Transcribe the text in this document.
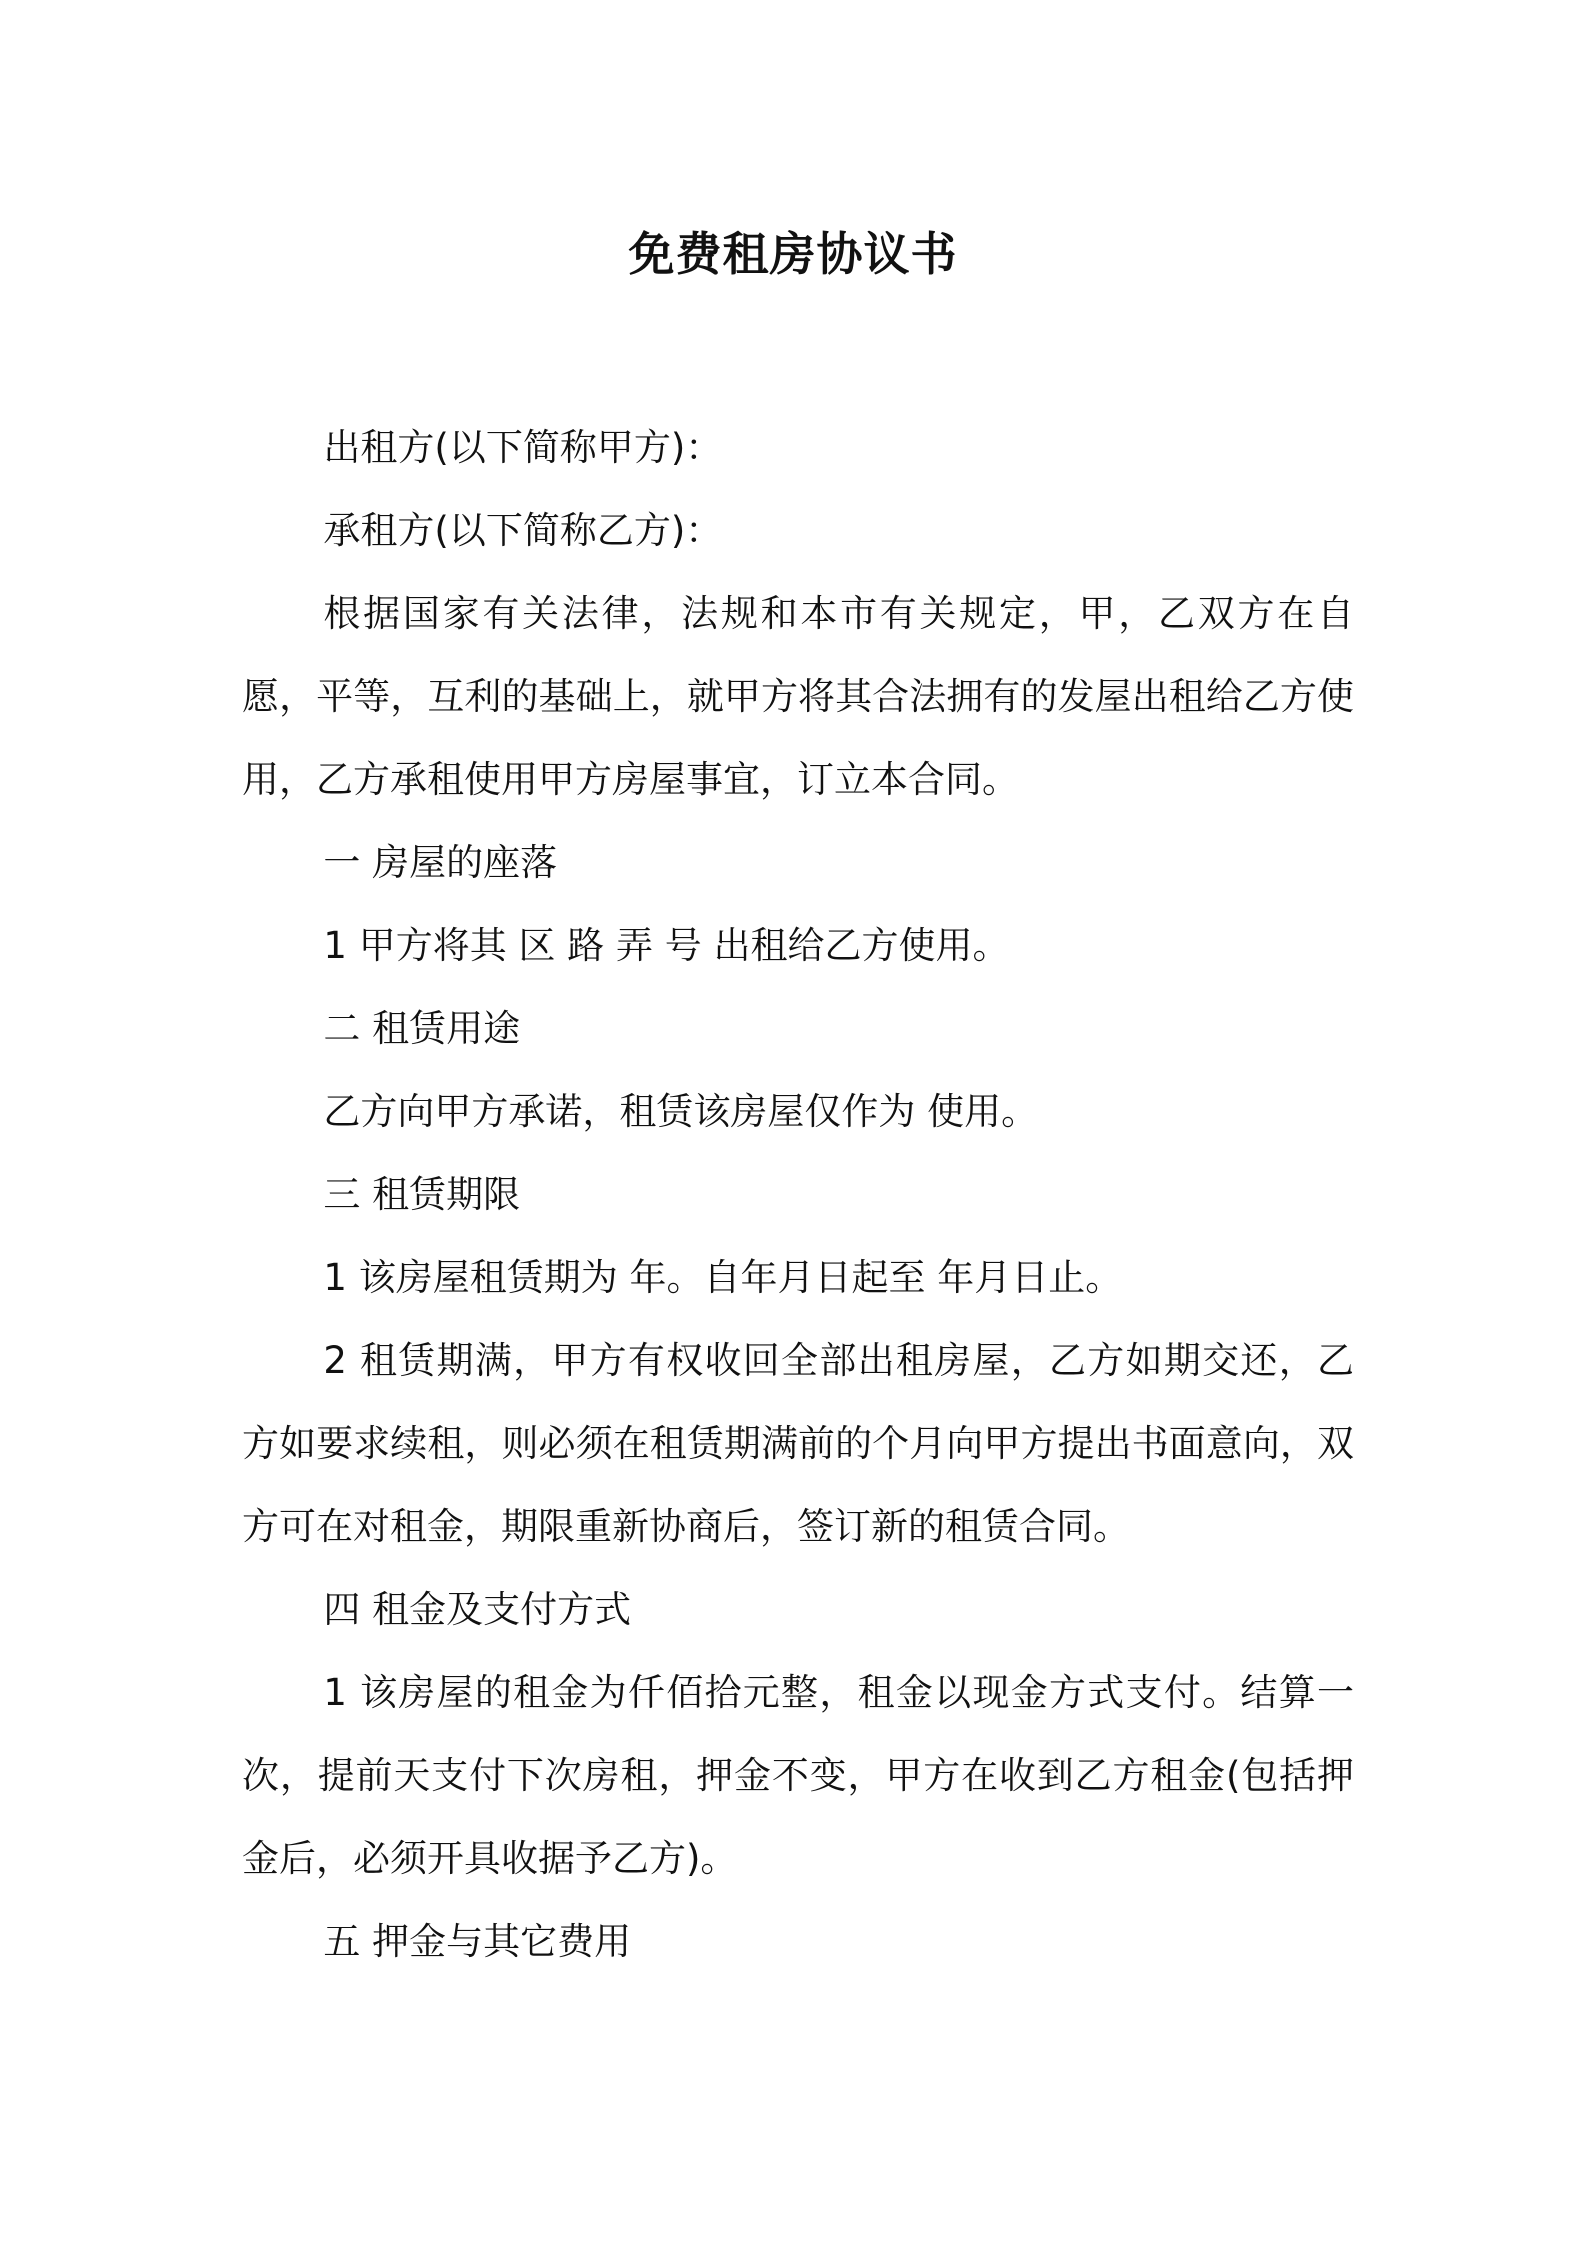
免费租房协议书

出租方(以下简称甲方)：

承租方(以下简称乙方)：

根据国家有关法律，法规和本市有关规定，甲，乙双方在自愿，平等，互利的基础上，就甲方将其合法拥有的发屋出租给乙方使用，乙方承租使用甲方房屋事宜，订立本合同。

一 房屋的座落

1 甲方将其 区 路 弄 号 出租给乙方使用。

二 租赁用途

乙方向甲方承诺，租赁该房屋仅作为 使用。

三 租赁期限

1 该房屋租赁期为 年。自年月日起至 年月日止。

2 租赁期满，甲方有权收回全部出租房屋，乙方如期交还，乙方如要求续租，则必须在租赁期满前的个月向甲方提出书面意向，双方可在对租金，期限重新协商后，签订新的租赁合同。

四 租金及支付方式

1 该房屋的租金为仟佰拾元整，租金以现金方式支付。结算一次，提前天支付下次房租，押金不变，甲方在收到乙方租金(包括押金后，必须开具收据予乙方)。

五 押金与其它费用
